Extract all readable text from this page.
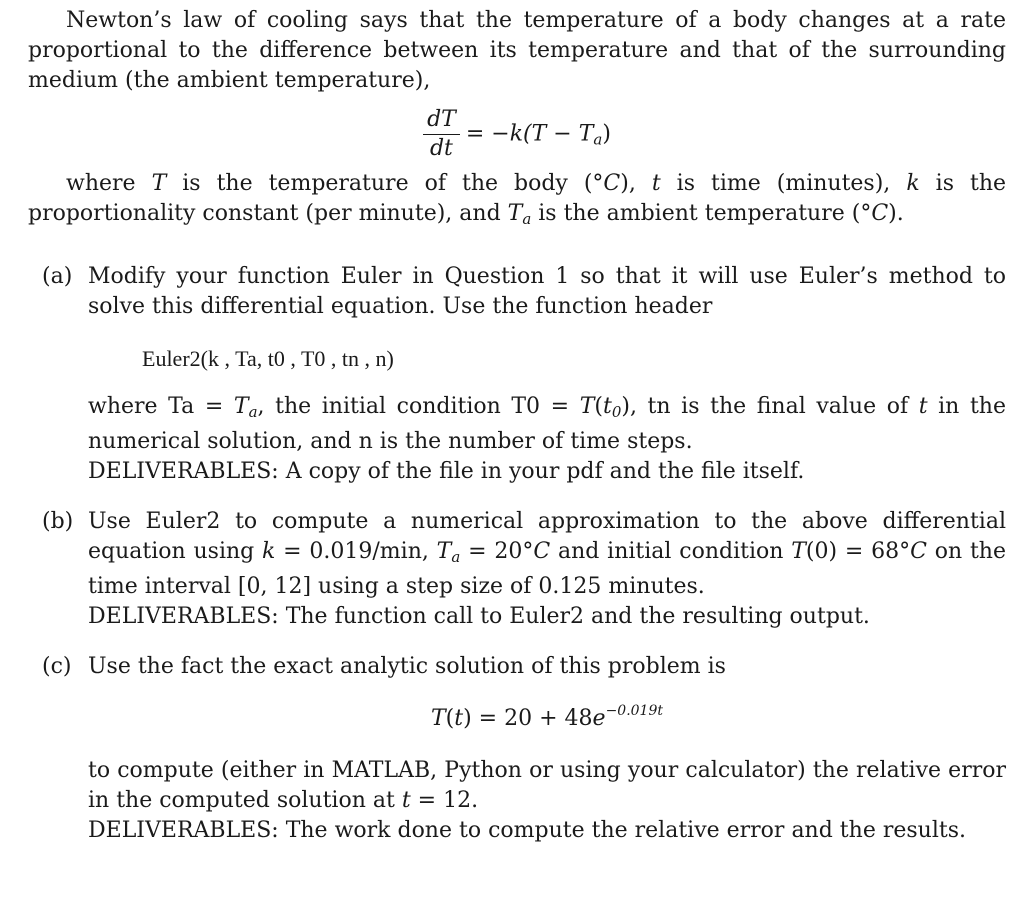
Newton’s law of cooling says that the temperature of a body changes at a rate proportional to the difference between its temperature and that of the surrounding medium (the ambient temperature),

$\frac{dT}{dt} = -k(T - T_a)$

where T is the temperature of the body (°C), t is time (minutes), k is the proportionality constant (per minute), and $T_a$ is the ambient temperature (°C).

(a) Modify your function Euler in Question 1 so that it will use Euler’s method to solve this differential equation. Use the function header

Euler2(k , Ta, t0 , T0 , tn , n)

where $Ta = T_a$, the initial condition $T0 = T(t_0)$, tn is the final value of t in the numerical solution, and n is the number of time steps.

DELIVERABLES: A copy of the file in your pdf and the file itself.

(b) Use Euler2 to compute a numerical approximation to the above differential equation using k = 0.019/min, $T_a = 20^\circ C$ and initial condition T(0) = 68°C on the time interval [0, 12] using a step size of 0.125 minutes.

DELIVERABLES: The function call to Euler2 and the resulting output.

(c) Use the fact the exact analytic solution of this problem is

$T(t) = 20 + 48e^{-0.019t}$

to compute (either in MATLAB, Python or using your calculator) the relative error in the computed solution at t = 12.

DELIVERABLES: The work done to compute the relative error and the results.
